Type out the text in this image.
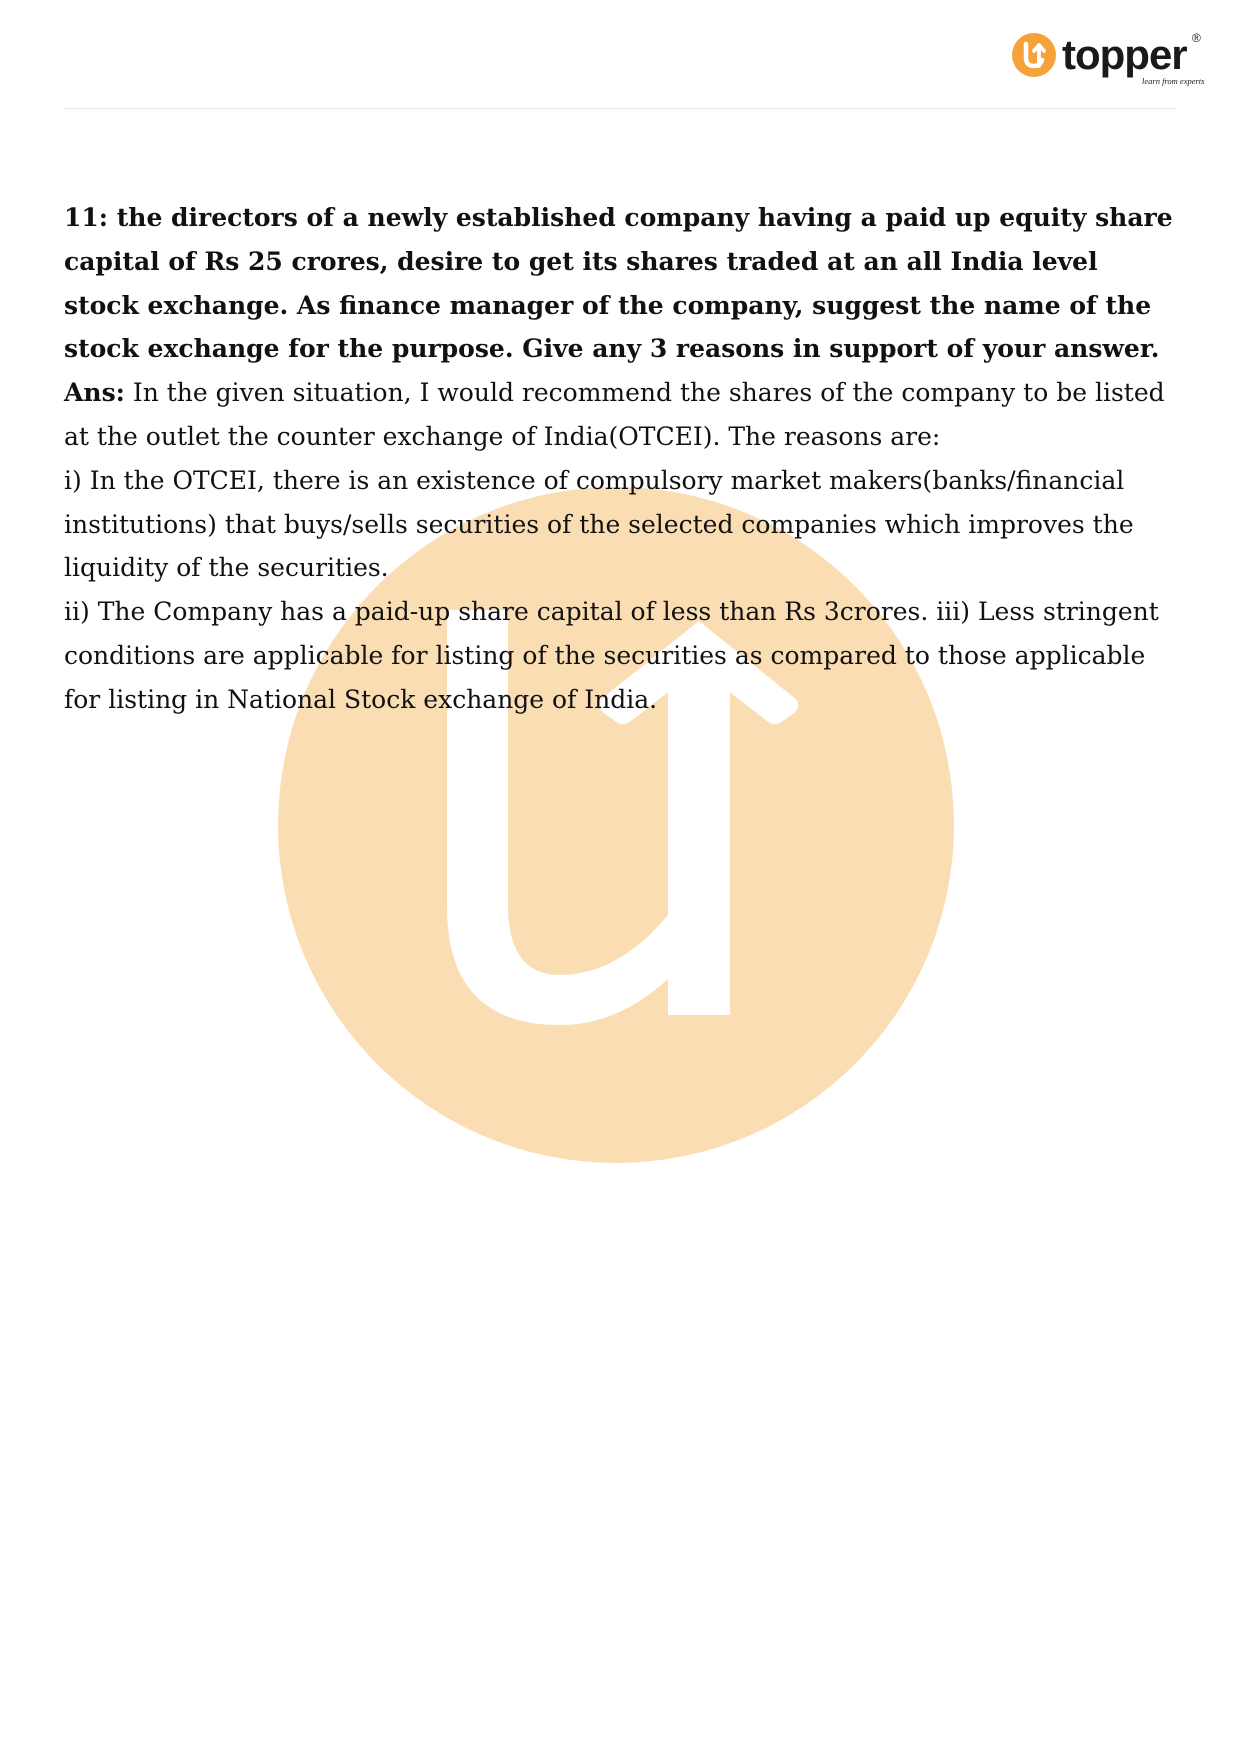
topper ®
learn from experts

11: the directors of a newly established company having a paid up equity share capital of Rs 25 crores, desire to get its shares traded at an all India level stock exchange. As finance manager of the company, suggest the name of the stock exchange for the purpose. Give any 3 reasons in support of your answer.

Ans: In the given situation, I would recommend the shares of the company to be listed at the outlet the counter exchange of India(OTCEI). The reasons are:

i) In the OTCEI, there is an existence of compulsory market makers(banks/financial institutions) that buys/sells securities of the selected companies which improves the liquidity of the securities.

ii) The Company has a paid-up share capital of less than Rs 3crores. iii) Less stringent conditions are applicable for listing of the securities as compared to those applicable for listing in National Stock exchange of India.
